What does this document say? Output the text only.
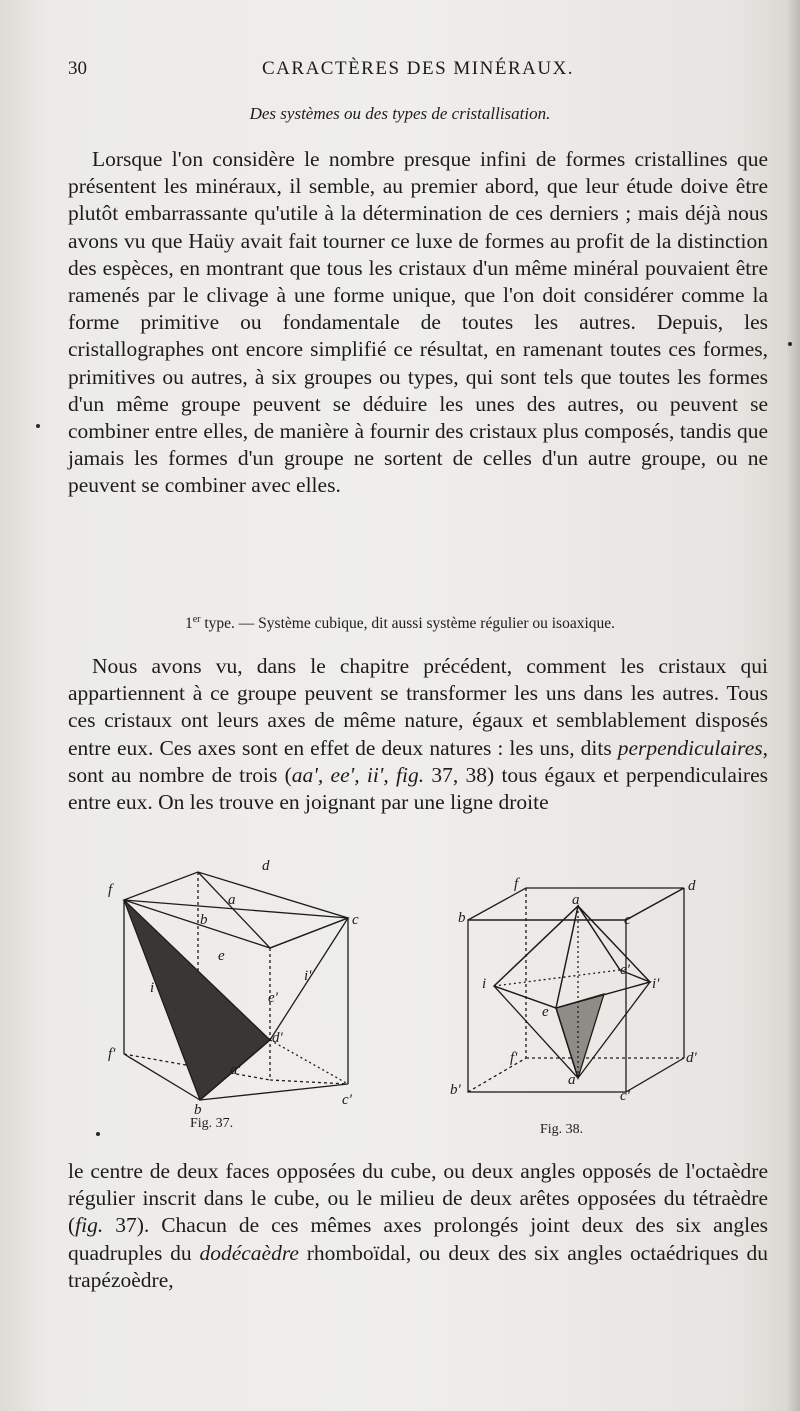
30	CARACTÈRES DES MINÉRAUX.
Des systèmes ou des types de cristallisation.

Lorsque l'on considère le nombre presque infini de formes cristallines que présentent les minéraux, il semble, au premier abord, que leur étude doive être plutôt embarrassante qu'utile à la détermination de ces derniers ; mais déjà nous avons vu que Haüy avait fait tourner ce luxe de formes au profit de la distinction des espèces, en montrant que tous les cristaux d'un même minéral pouvaient être ramenés par le clivage à une forme unique, que l'on doit considérer comme la forme primitive ou fondamentale de toutes les autres. Depuis, les cristallographes ont encore simplifié ce résultat, en ramenant toutes ces formes, primitives ou autres, à six groupes ou types, qui sont tels que toutes les formes d'un même groupe peuvent se déduire les unes des autres, ou peuvent se combiner entre elles, de manière à fournir des cristaux plus composés, tandis que jamais les formes d'un groupe ne sortent de celles d'un autre groupe, ou ne peuvent se combiner avec elles.

1er type. — Système cubique, dit aussi système régulier ou isoaxique.

Nous avons vu, dans le chapitre précédent, comment les cristaux qui appartiennent à ce groupe peuvent se transformer les uns dans les autres. Tous ces cristaux ont leurs axes de même nature, égaux et semblablement disposés entre eux. Ces axes sont en effet de deux natures : les uns, dits perpendiculaires, sont au nombre de trois (aa', ee', ii', fig. 37, 38) tous égaux et perpendiculaires entre eux. On les trouve en joignant par une ligne droite

f
d
a
b	c
e
i
e'
i'
d'
f'
a'
c'
b
b
f	d
a
c
i
e'
i'
e
f'	d'
b'
a'
c'
Fig. 37.	Fig. 38.

le centre de deux faces opposées du cube, ou deux angles opposés de l'octaèdre régulier inscrit dans le cube, ou le milieu de deux arêtes opposées du tétraèdre (fig. 37). Chacun de ces mêmes axes prolongés joint deux des six angles quadruples du dodécaèdre rhomboïdal, ou deux des six angles octaédriques du trapézoèdre,
